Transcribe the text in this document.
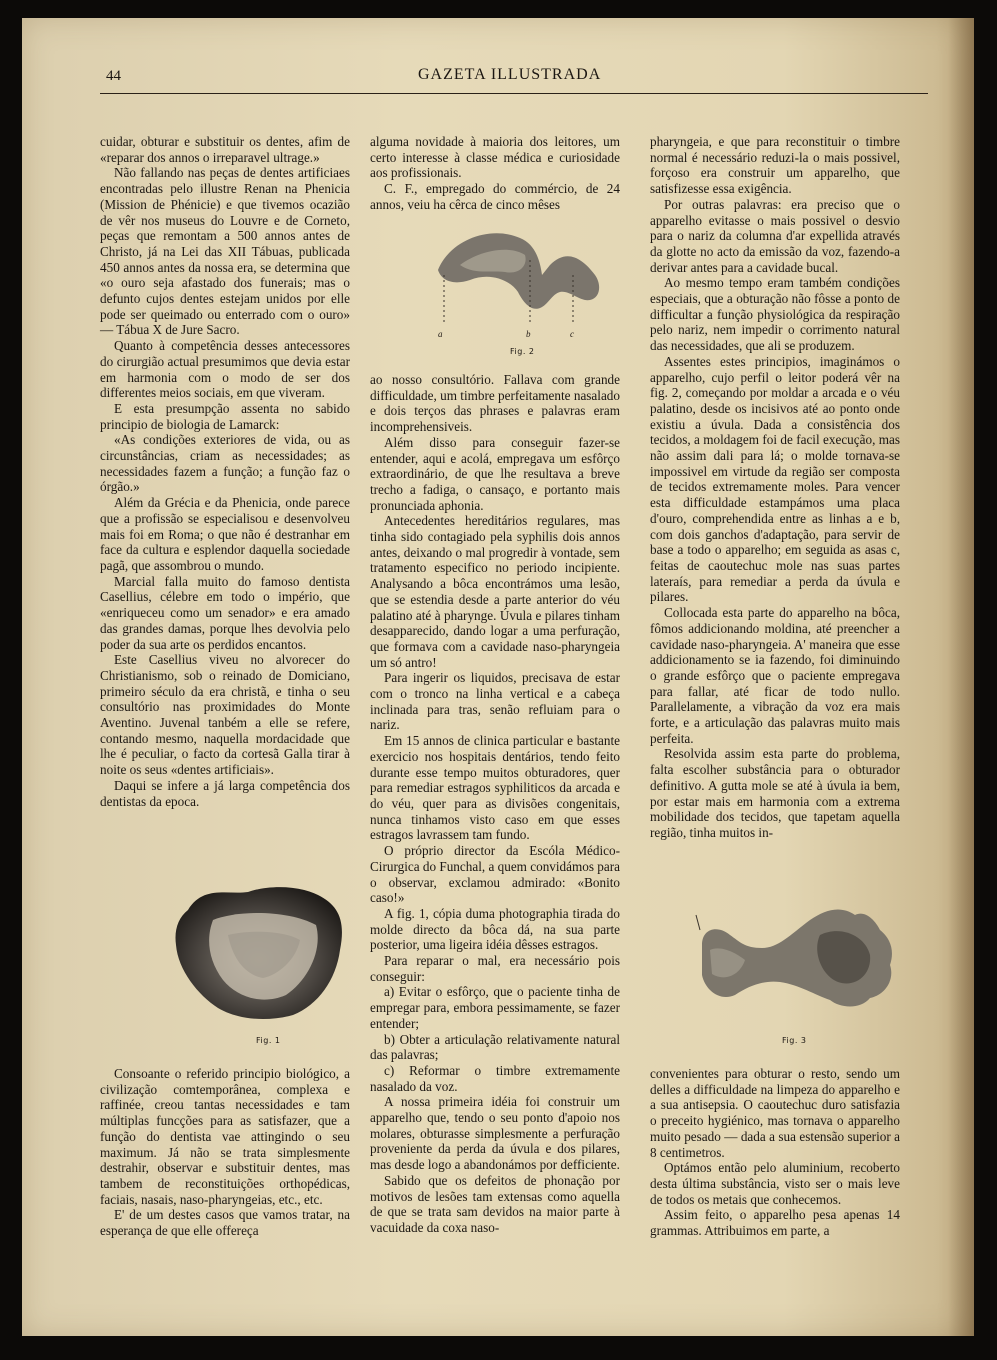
44	GAZETA ILLUSTRADA

cuidar, obturar e substituir os dentes, afim de «reparar dos annos o irreparavel ultrage.»

Não fallando nas peças de dentes artificiaes encontradas pelo illustre Renan na Phenicia (Mission de Phénicie) e que tivemos ocazião de vêr nos museus do Louvre e de Corneto, peças que remontam a 500 annos antes de Christo, já na Lei das XII Tábuas, publicada 450 annos antes da nossa era, se determina que «o ouro seja afastado dos funerais; mas o defunto cujos dentes estejam unidos por elle pode ser queimado ou enterrado com o ouro» — Tábua X de Jure Sacro.

Quanto à competência desses antecessores do cirurgião actual presumimos que devia estar em harmonia com o modo de ser dos differentes meios sociais, em que viveram.

E esta presumpção assenta no sabido principio de biologia de Lamarck:

«As condições exteriores de vida, ou as circunstâncias, criam as necessidades; as necessidades fazem a função; a função faz o órgão.»

Além da Grécia e da Phenicia, onde parece que a profissão se especialisou e desenvolveu mais foi em Roma; o que não é destranhar em face da cultura e esplendor daquella sociedade pagã, que assombrou o mundo.

Marcial falla muito do famoso dentista Casellius, célebre em todo o império, que «enriqueceu como um senador» e era amado das grandes damas, porque lhes devolvia pelo poder da sua arte os perdidos encantos.

Este Casellius viveu no alvorecer do Christianismo, sob o reinado de Domiciano, primeiro século da era christã, e tinha o seu consultório nas proximidades do Monte Aventino. Juvenal tanbém a elle se refere, contando mesmo, naquella mordacidade que lhe é peculiar, o facto da cortesã Galla tirar à noite os seus «dentes artificiais».

Daqui se infere a já larga competência dos dentistas da epoca.

Fig. 1

Consoante o referido principio biológico, a civilização comtemporânea, complexa e raffinée, creou tantas necessidades e tam múltiplas funcções para as satisfazer, que a função do dentista vae attingindo o seu maximum. Já não se trata simplesmente destrahir, observar e substituir dentes, mas tambem de reconstituições orthopédicas, faciais, nasais, naso-pharyngeias, etc., etc.

E' de um destes casos que vamos tratar, na esperança de que elle offereça

alguma novidade à maioria dos leitores, um certo interesse à classe médica e curiosidade aos profissionais.

C. F., empregado do commércio, de 24 annos, veiu ha cêrca de cinco mêses

a	b	c
Fig. 2

ao nosso consultório. Fallava com grande difficuldade, um timbre perfeitamente nasalado e dois terços das phrases e palavras eram incomprehensiveis.

Além disso para conseguir fazer-se entender, aqui e acolá, empregava um esfôrço extraordinário, de que lhe resultava a breve trecho a fadiga, o cansaço, e portanto mais pronunciada aphonia.

Antecedentes hereditários regulares, mas tinha sido contagiado pela syphilis dois annos antes, deixando o mal progredir à vontade, sem tratamento especifico no periodo incipiente. Analysando a bôca encontrámos uma lesão, que se estendia desde a parte anterior do véu palatino até à pharynge. Úvula e pilares tinham desapparecido, dando logar a uma perfuração, que formava com a cavidade naso-pharyngeia um só antro!

Para ingerir os liquidos, precisava de estar com o tronco na linha vertical e a cabeça inclinada para tras, senão refluiam para o nariz.

Em 15 annos de clinica particular e bastante exercicio nos hospitais dentários, tendo feito durante esse tempo muitos obturadores, quer para remediar estragos syphiliticos da arcada e do véu, quer para as divisões congenitais, nunca tinhamos visto caso em que esses estragos lavrassem tam fundo.

O próprio director da Escóla Médico-Cirurgica do Funchal, a quem convidámos para o observar, exclamou admirado: «Bonito caso!»

A fig. 1, cópia duma photographia tirada do molde directo da bôca dá, na sua parte posterior, uma ligeira idéia dêsses estragos.

Para reparar o mal, era necessário pois conseguir:

a) Evitar o esfôrço, que o paciente tinha de empregar para, embora pessimamente, se fazer entender;

b) Obter a articulação relativamente natural das palavras;

c) Reformar o timbre extremamente nasalado da voz.

A nossa primeira idéia foi construir um apparelho que, tendo o seu ponto d'apoio nos molares, obturasse simplesmente a perfuração proveniente da perda da úvula e dos pilares, mas desde logo a abandonámos por defficiente.

Sabido que os defeitos de phonação por motivos de lesões tam extensas como aquella de que se trata sam devidos na maior parte à vacuidade da coxa naso-

pharyngeia, e que para reconstituir o timbre normal é necessário reduzi-la o mais possivel, forçoso era construir um apparelho, que satisfizesse essa exigência.

Por outras palavras: era preciso que o apparelho evitasse o mais possivel o desvio para o nariz da columna d'ar expellida através da glotte no acto da emissão da voz, fazendo-a derivar antes para a cavidade bucal.

Ao mesmo tempo eram também condições especiais, que a obturação não fôsse a ponto de difficultar a função physiológica da respiração pelo nariz, nem impedir o corrimento natural das necessidades, que ali se produzem.

Assentes estes principios, imaginámos o apparelho, cujo perfil o leitor poderá vêr na fig. 2, começando por moldar a arcada e o véu palatino, desde os incisivos até ao ponto onde existiu a úvula. Dada a consistência dos tecidos, a moldagem foi de facil execução, mas não assim dali para lá; o molde tornava-se impossivel em virtude da região ser composta de tecidos extremamente moles. Para vencer esta difficuldade estampámos uma placa d'ouro, comprehendida entre as linhas a e b, com dois ganchos d'adaptação, para servir de base a todo o apparelho; em seguida as asas c, feitas de caoutechuc mole nas suas partes lateraís, para remediar a perda da úvula e pilares.

Collocada esta parte do apparelho na bôca, fômos addicionando moldina, até preencher a cavidade naso-pharyngeia. A' maneira que esse addicionamento se ia fazendo, foi diminuindo o grande esfôrço que o paciente empregava para fallar, até ficar de todo nullo. Parallelamente, a vibração da voz era mais forte, e a articulação das palavras muito mais perfeita.

Resolvida assim esta parte do problema, falta escolher substância para o obturador definitivo. A gutta mole se até à úvula ia bem, por estar mais em harmonia com a extrema mobilidade dos tecidos, que tapetam aquella região, tinha muitos in-

Fig. 3

convenientes para obturar o resto, sendo um delles a difficuldade na limpeza do apparelho e a sua antisepsia. O caoutechuc duro satisfazia o preceito hygiénico, mas tornava o apparelho muito pesado — dada a sua estensão superior a 8 centimetros.

Optámos então pelo aluminium, recoberto desta última substância, visto ser o mais leve de todos os metais que conhecemos.

Assim feito, o apparelho pesa apenas 14 grammas. Attribuimos em parte, a
